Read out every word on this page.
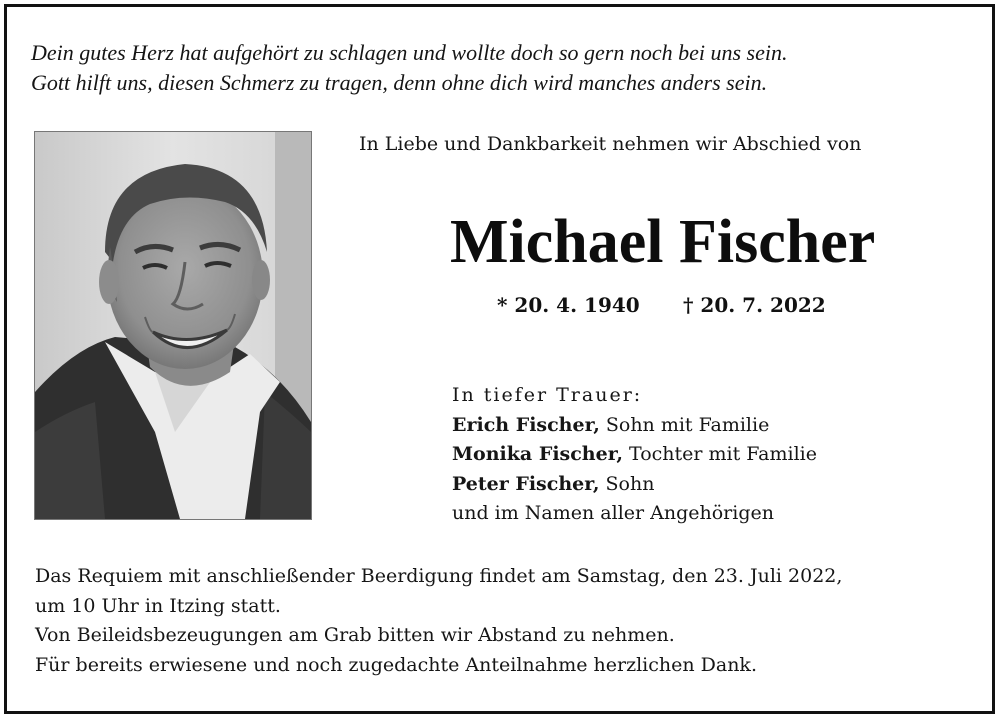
Dein gutes Herz hat aufgehört zu schlagen und wollte doch so gern noch bei uns sein.
Gott hilft uns, diesen Schmerz zu tragen, denn ohne dich wird manches anders sein.

In Liebe und Dankbarkeit nehmen wir Abschied von
Michael Fischer
* 20. 4. 1940 † 20. 7. 2022
In tiefer Trauer:
Erich Fischer, Sohn mit Familie
Monika Fischer, Tochter mit Familie
Peter Fischer, Sohn
und im Namen aller Angehörigen
Das Requiem mit anschließender Beerdigung findet am Samstag, den 23. Juli 2022,
um 10 Uhr in Itzing statt.
Von Beileidsbezeugungen am Grab bitten wir Abstand zu nehmen.
Für bereits erwiesene und noch zugedachte Anteilnahme herzlichen Dank.
